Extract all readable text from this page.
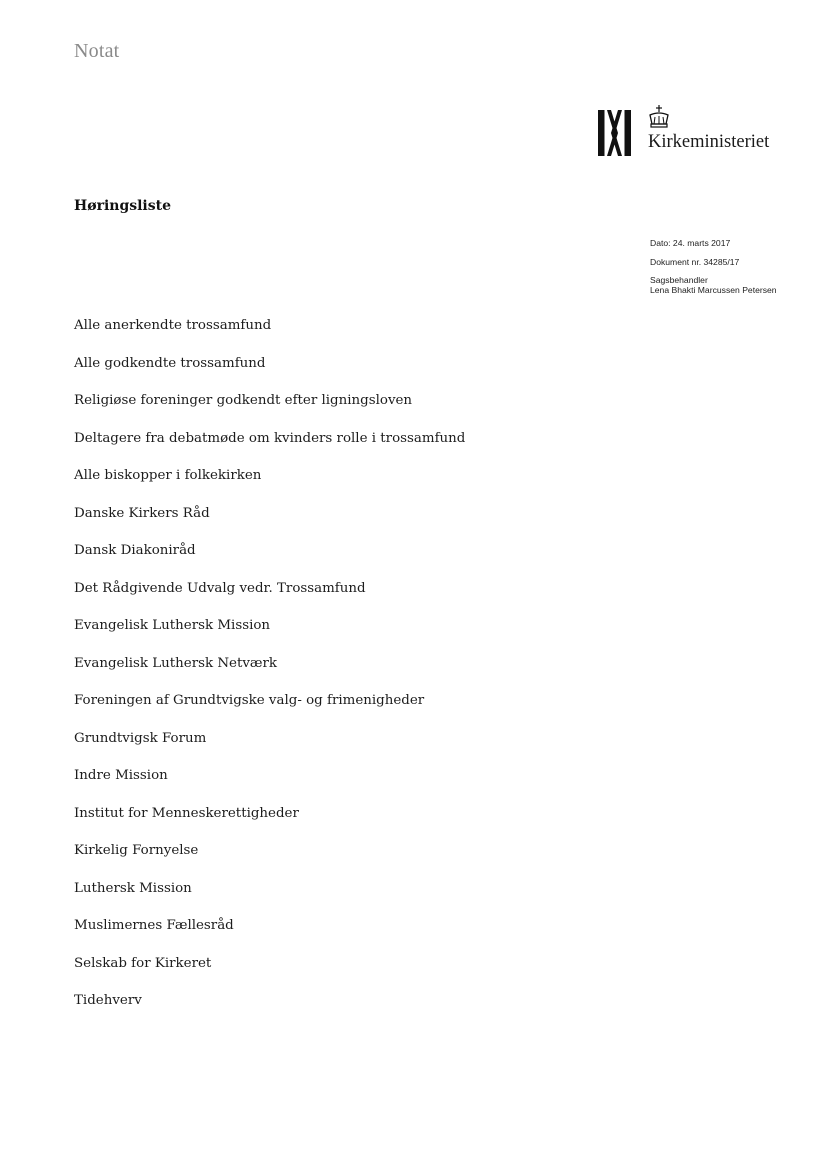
Notat
Kirkeministeriet
Høringsliste
Dato: 24. marts 2017
Dokument nr. 34285/17
Sagsbehandler
Lena Bhakti Marcussen Petersen
Alle anerkendte trossamfund
Alle godkendte trossamfund
Religiøse foreninger godkendt efter ligningsloven
Deltagere fra debatmøde om kvinders rolle i trossamfund
Alle biskopper i folkekirken
Danske Kirkers Råd
Dansk Diakoniråd
Det Rådgivende Udvalg vedr. Trossamfund
Evangelisk Luthersk Mission
Evangelisk Luthersk Netværk
Foreningen af Grundtvigske valg- og frimenigheder
Grundtvigsk Forum
Indre Mission
Institut for Menneskerettigheder
Kirkelig Fornyelse
Luthersk Mission
Muslimernes Fællesråd
Selskab for Kirkeret
Tidehverv
